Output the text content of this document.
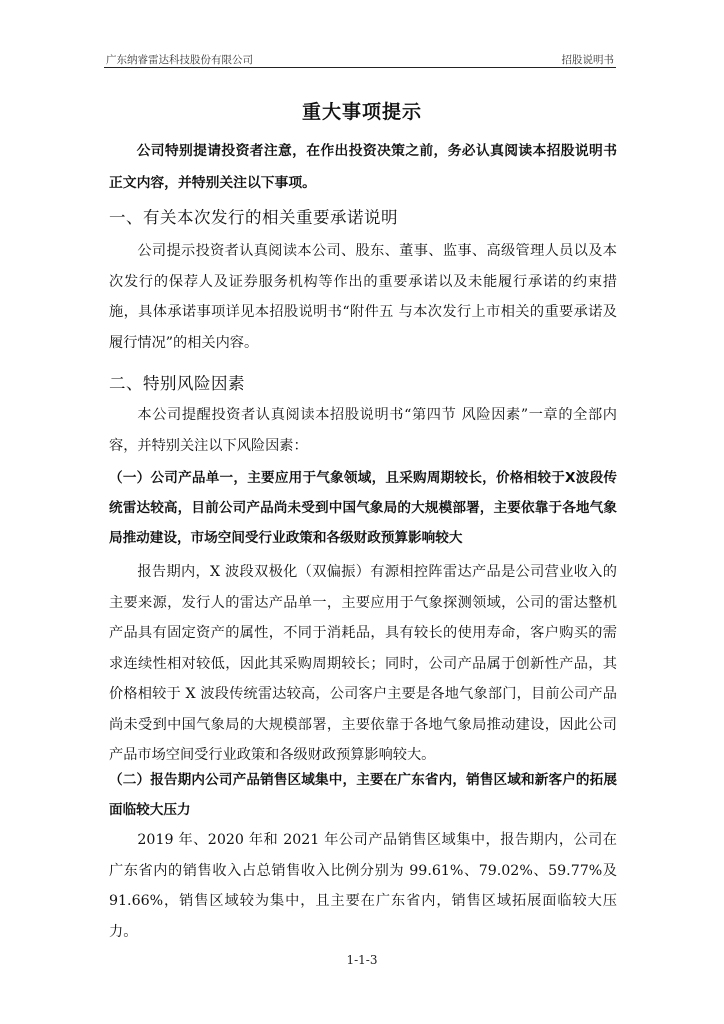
广东纳睿雷达科技股份有限公司	招股说明书
重大事项提示

公司特别提请投资者注意，在作出投资决策之前，务必认真阅读本招股说明书正文内容，并特别关注以下事项。

一、有关本次发行的相关重要承诺说明

公司提示投资者认真阅读本公司、股东、董事、监事、高级管理人员以及本次发行的保荐人及证券服务机构等作出的重要承诺以及未能履行承诺的约束措施，具体承诺事项详见本招股说明书“附件五 与本次发行上市相关的重要承诺及履行情况”的相关内容。

二、特别风险因素

本公司提醒投资者认真阅读本招股说明书“第四节 风险因素”一章的全部内容，并特别关注以下风险因素：

（一）公司产品单一，主要应用于气象领域，且采购周期较长，价格相较于X波段传统雷达较高，目前公司产品尚未受到中国气象局的大规模部署，主要依靠于各地气象局推动建设，市场空间受行业政策和各级财政预算影响较大

报告期内，X 波段双极化（双偏振）有源相控阵雷达产品是公司营业收入的主要来源，发行人的雷达产品单一，主要应用于气象探测领域，公司的雷达整机产品具有固定资产的属性，不同于消耗品，具有较长的使用寿命，客户购买的需求连续性相对较低，因此其采购周期较长；同时，公司产品属于创新性产品，其价格相较于 X 波段传统雷达较高，公司客户主要是各地气象部门，目前公司产品尚未受到中国气象局的大规模部署，主要依靠于各地气象局推动建设，因此公司产品市场空间受行业政策和各级财政预算影响较大。

（二）报告期内公司产品销售区域集中，主要在广东省内，销售区域和新客户的拓展面临较大压力

2019 年、2020 年和 2021 年公司产品销售区域集中，报告期内，公司在广东省内的销售收入占总销售收入比例分别为 99.61%、79.02%、59.77%及91.66%，销售区域较为集中，且主要在广东省内，销售区域拓展面临较大压力。

1-1-3
